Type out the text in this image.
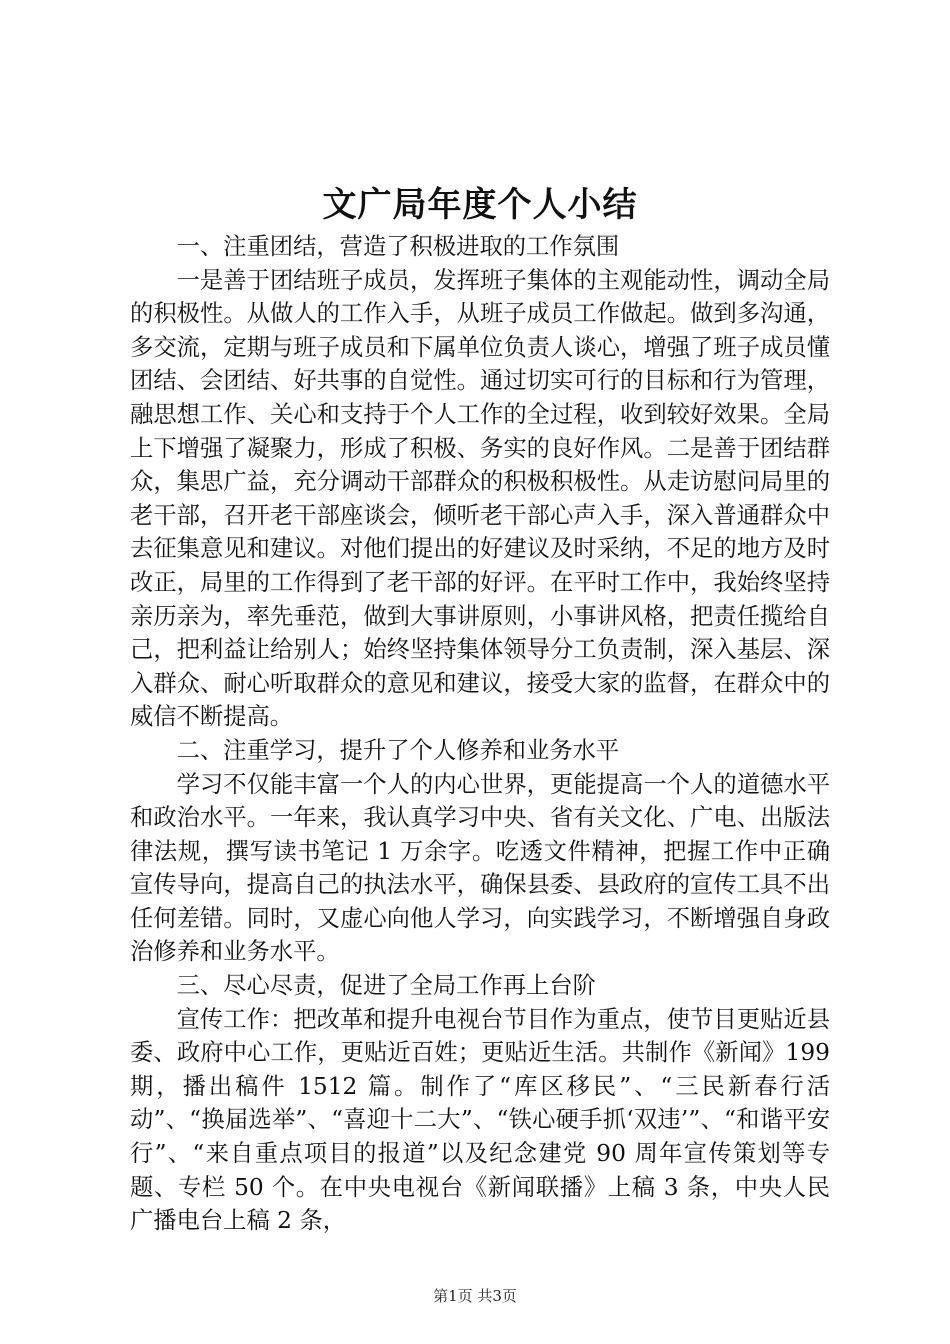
文广局年度个人小结

一、注重团结，营造了积极进取的工作氛围

一是善于团结班子成员，发挥班子集体的主观能动性，调动全局的积极性。从做人的工作入手，从班子成员工作做起。做到多沟通，多交流，定期与班子成员和下属单位负责人谈心，增强了班子成员懂团结、会团结、好共事的自觉性。通过切实可行的目标和行为管理，融思想工作、关心和支持于个人工作的全过程，收到较好效果。全局上下增强了凝聚力，形成了积极、务实的良好作风。二是善于团结群众，集思广益，充分调动干部群众的积极积极性。从走访慰问局里的老干部，召开老干部座谈会，倾听老干部心声入手，深入普通群众中去征集意见和建议。对他们提出的好建议及时采纳，不足的地方及时改正，局里的工作得到了老干部的好评。在平时工作中，我始终坚持亲历亲为，率先垂范，做到大事讲原则，小事讲风格，把责任揽给自己，把利益让给别人；始终坚持集体领导分工负责制，深入基层、深入群众、耐心听取群众的意见和建议，接受大家的监督，在群众中的威信不断提高。

二、注重学习，提升了个人修养和业务水平

学习不仅能丰富一个人的内心世界，更能提高一个人的道德水平和政治水平。一年来，我认真学习中央、省有关文化、广电、出版法律法规，撰写读书笔记 1 万余字。吃透文件精神，把握工作中正确宣传导向，提高自己的执法水平，确保县委、县政府的宣传工具不出任何差错。同时，又虚心向他人学习，向实践学习，不断增强自身政治修养和业务水平。

三、尽心尽责，促进了全局工作再上台阶

宣传工作：把改革和提升电视台节目作为重点，使节目更贴近县委、政府中心工作，更贴近百姓；更贴近生活。共制作《新闻》199 期，播出稿件 1512 篇。制作了“库区移民”、“三民新春行活动”、“换届选举”、“喜迎十二大”、“铁心硬手抓‘双违’”、“和谐平安行”、“来自重点项目的报道”以及纪念建党 90 周年宣传策划等专题、专栏 50 个。在中央电视台《新闻联播》上稿 3 条，中央人民广播电台上稿 2 条，

第1页 共3页
